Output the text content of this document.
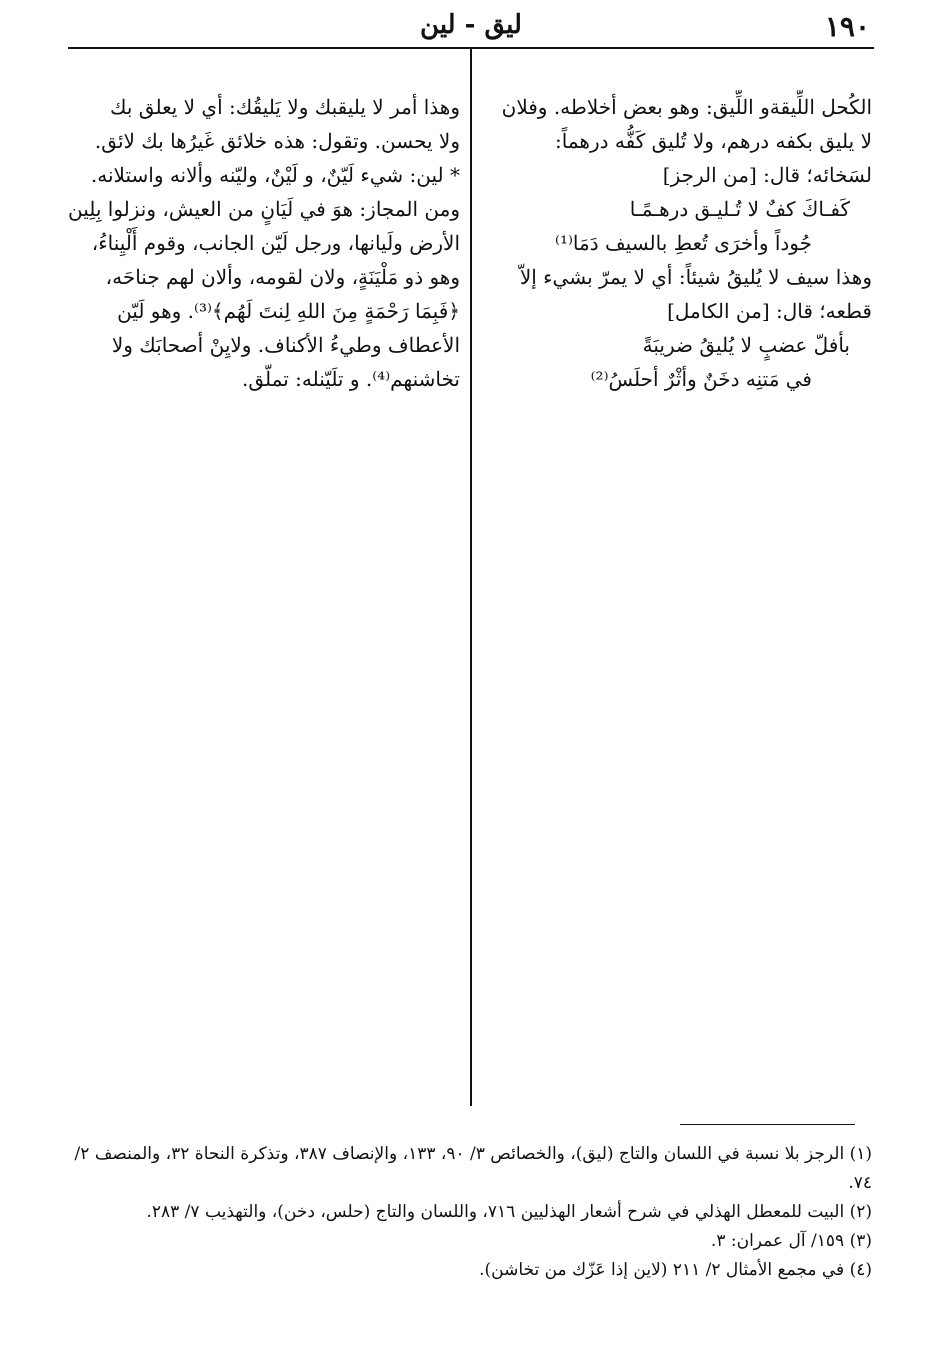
١٩٠
ليق - لين
الكُحل اللِّيقةو اللِّيق: وهو بعض أخلاطه. وفلان
لا يليق بكفه درهم، ولا تُليق كَفُّه درهماً:
لسَخائه؛ قال: [من الرجز]
كَفـاكَ كفٌ لا تُـليـق درهـمًـا
جُوداً وأخرَى تُعطِ بالسيف دَمَا⁽¹⁾
وهذا سيف لا يُليقُ شيئاً: أي لا يمرّ بشيء إلاّ
قطعه؛ قال: [من الكامل]
بأفلّ عضبٍ لا يُليقُ ضريبَةً
في مَتنِه دخَنٌ وأثْرٌ أحلَسُ⁽²⁾
وهذا أمر لا يليقبك ولا يَليقُك: أي لا يعلق بك
ولا يحسن. وتقول: هذه خلائق غَيرُها بك لائق.
* لين: شيء لَيّنٌ، و لَيْنٌ، وليّنه وألانه واستلانه.
ومن المجاز: هوَ في لَيَانٍ من العيش، ونزلوا بِلِين
الأرض ولَيانها، ورجل لَيّن الجانب، وقوم أَلْيِناءُ،
وهو ذو مَلْيَنَةٍ، ولان لقومه، وألان لهم جناحَه،
﴿فَبِمَا رَحْمَةٍ مِنَ اللهِ لِنتَ لَهُم﴾⁽³⁾. وهو لَيّن
الأعطاف وطيءُ الأكناف. ولايِنْ أصحابَك ولا
تخاشنهم⁽⁴⁾. و تلَيّنله: تملّق.
(١) الرجز بلا نسبة في اللسان والتاج (ليق)، والخصائص ٣/ ٩٠، ١٣٣، والإنصاف ٣٨٧، وتذكرة النحاة ٣٢، والمنصف ٢/ ٧٤.
(٢) البيت للمعطل الهذلي في شرح أشعار الهذليين ٧١٦، واللسان والتاج (حلس، دخن)، والتهذيب ٧/ ٢٨٣.
(٣) ١٥٩/ آل عمران: ٣.
(٤) في مجمع الأمثال ٢/ ٢١١ (لاين إذا عَزّك من تخاشن).
